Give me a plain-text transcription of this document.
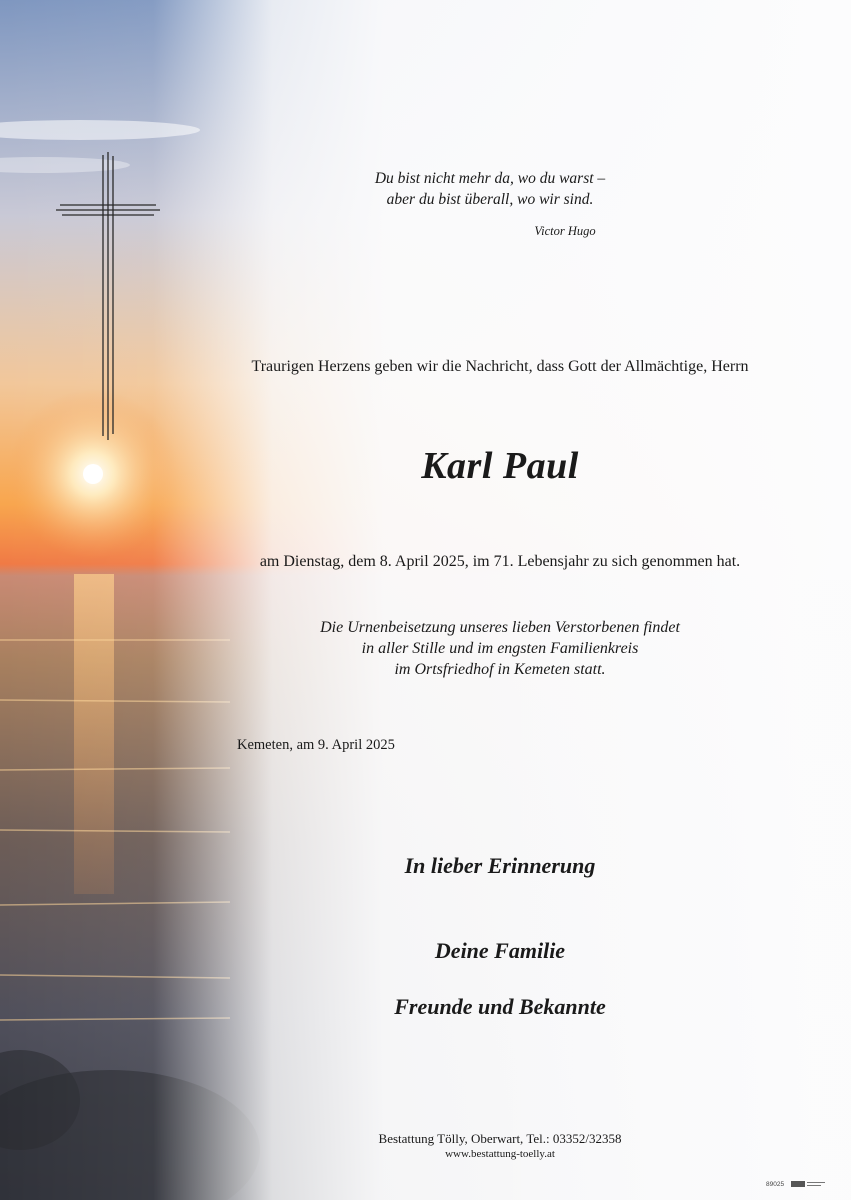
Du bist nicht mehr da, wo du warst –
aber du bist überall, wo wir sind.
Victor Hugo
Traurigen Herzens geben wir die Nachricht, dass Gott der Allmächtige, Herrn
Karl Paul
am Dienstag, dem 8. April 2025, im 71. Lebensjahr zu sich genommen hat.
Die Urnenbeisetzung unseres lieben Verstorbenen findet
in aller Stille und im engsten Familienkreis
im Ortsfriedhof in Kemeten statt.
Kemeten, am 9. April 2025
In lieber Erinnerung
Deine Familie
Freunde und Bekannte
Bestattung Tölly, Oberwart, Tel.: 03352/32358
www.bestattung-toelly.at
89025
